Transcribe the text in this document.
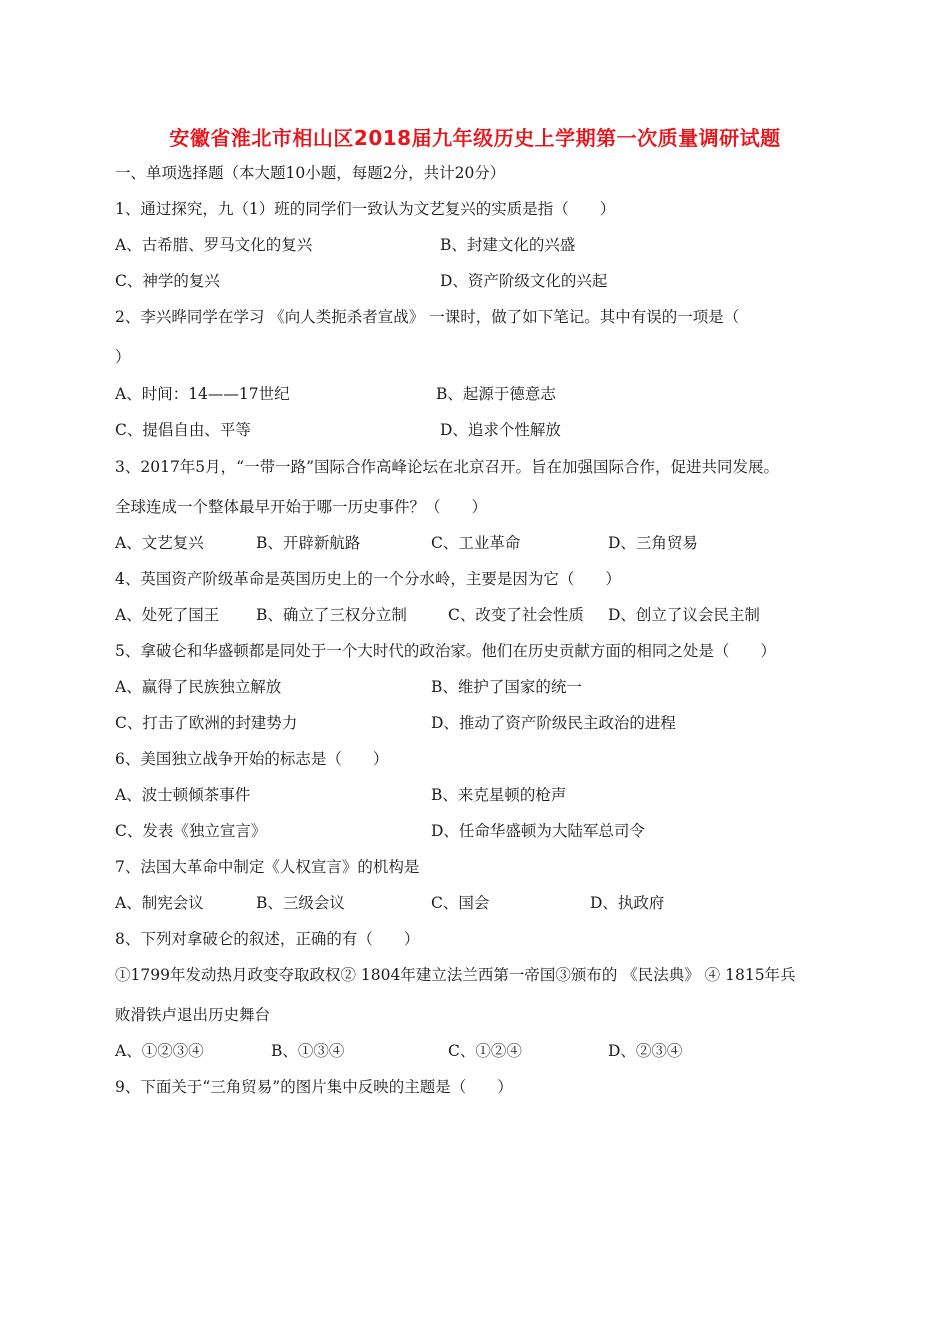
安徽省淮北市相山区2018届九年级历史上学期第一次质量调研试题
一、单项选择题（本大题10小题，每题2分，共计20分）
1、通过探究，九（1）班的同学们一致认为文艺复兴的实质是指（　　）
A、古希腊、罗马文化的复兴	B、封建文化的兴盛
C、神学的复兴	D、资产阶级文化的兴起
2、李兴晔同学在学习 《向人类扼杀者宣战》 一课时，做了如下笔记。其中有误的一项是（
）
A、时间：14——17世纪	B、起源于德意志
C、提倡自由、平等	D、追求个性解放
3、2017年5月，“一带一路”国际合作高峰论坛在北京召开。旨在加强国际合作，促进共同发展。
全球连成一个整体最早开始于哪一历史事件？（　　）
A、文艺复兴	B、开辟新航路	C、工业革命	D、三角贸易
4、英国资产阶级革命是英国历史上的一个分水岭，主要是因为它（　　）
A、处死了国王 B、确立了三权分立制	C、改变了社会性质 D、创立了议会民主制
5、拿破仑和华盛顿都是同处于一个大时代的政治家。他们在历史贡献方面的相同之处是（　　）
A、赢得了民族独立解放	B、维护了国家的统一
C、打击了欧洲的封建势力	D、推动了资产阶级民主政治的进程
6、美国独立战争开始的标志是（　　）
A、波士顿倾茶事件	B、来克星顿的枪声
C、发表《独立宣言》	D、任命华盛顿为大陆军总司令
7、法国大革命中制定《人权宣言》的机构是
A、制宪会议	B、三级会议	C、国会	D、执政府
8、下列对拿破仑的叙述，正确的有（　　）
①1799年发动热月政变夺取政权② 1804年建立法兰西第一帝国③颁布的 《民法典》 ④ 1815年兵
败滑铁卢退出历史舞台
A、①②③④	B、①③④	C、①②④	D、②③④
9、下面关于“三角贸易”的图片集中反映的主题是（　　）
